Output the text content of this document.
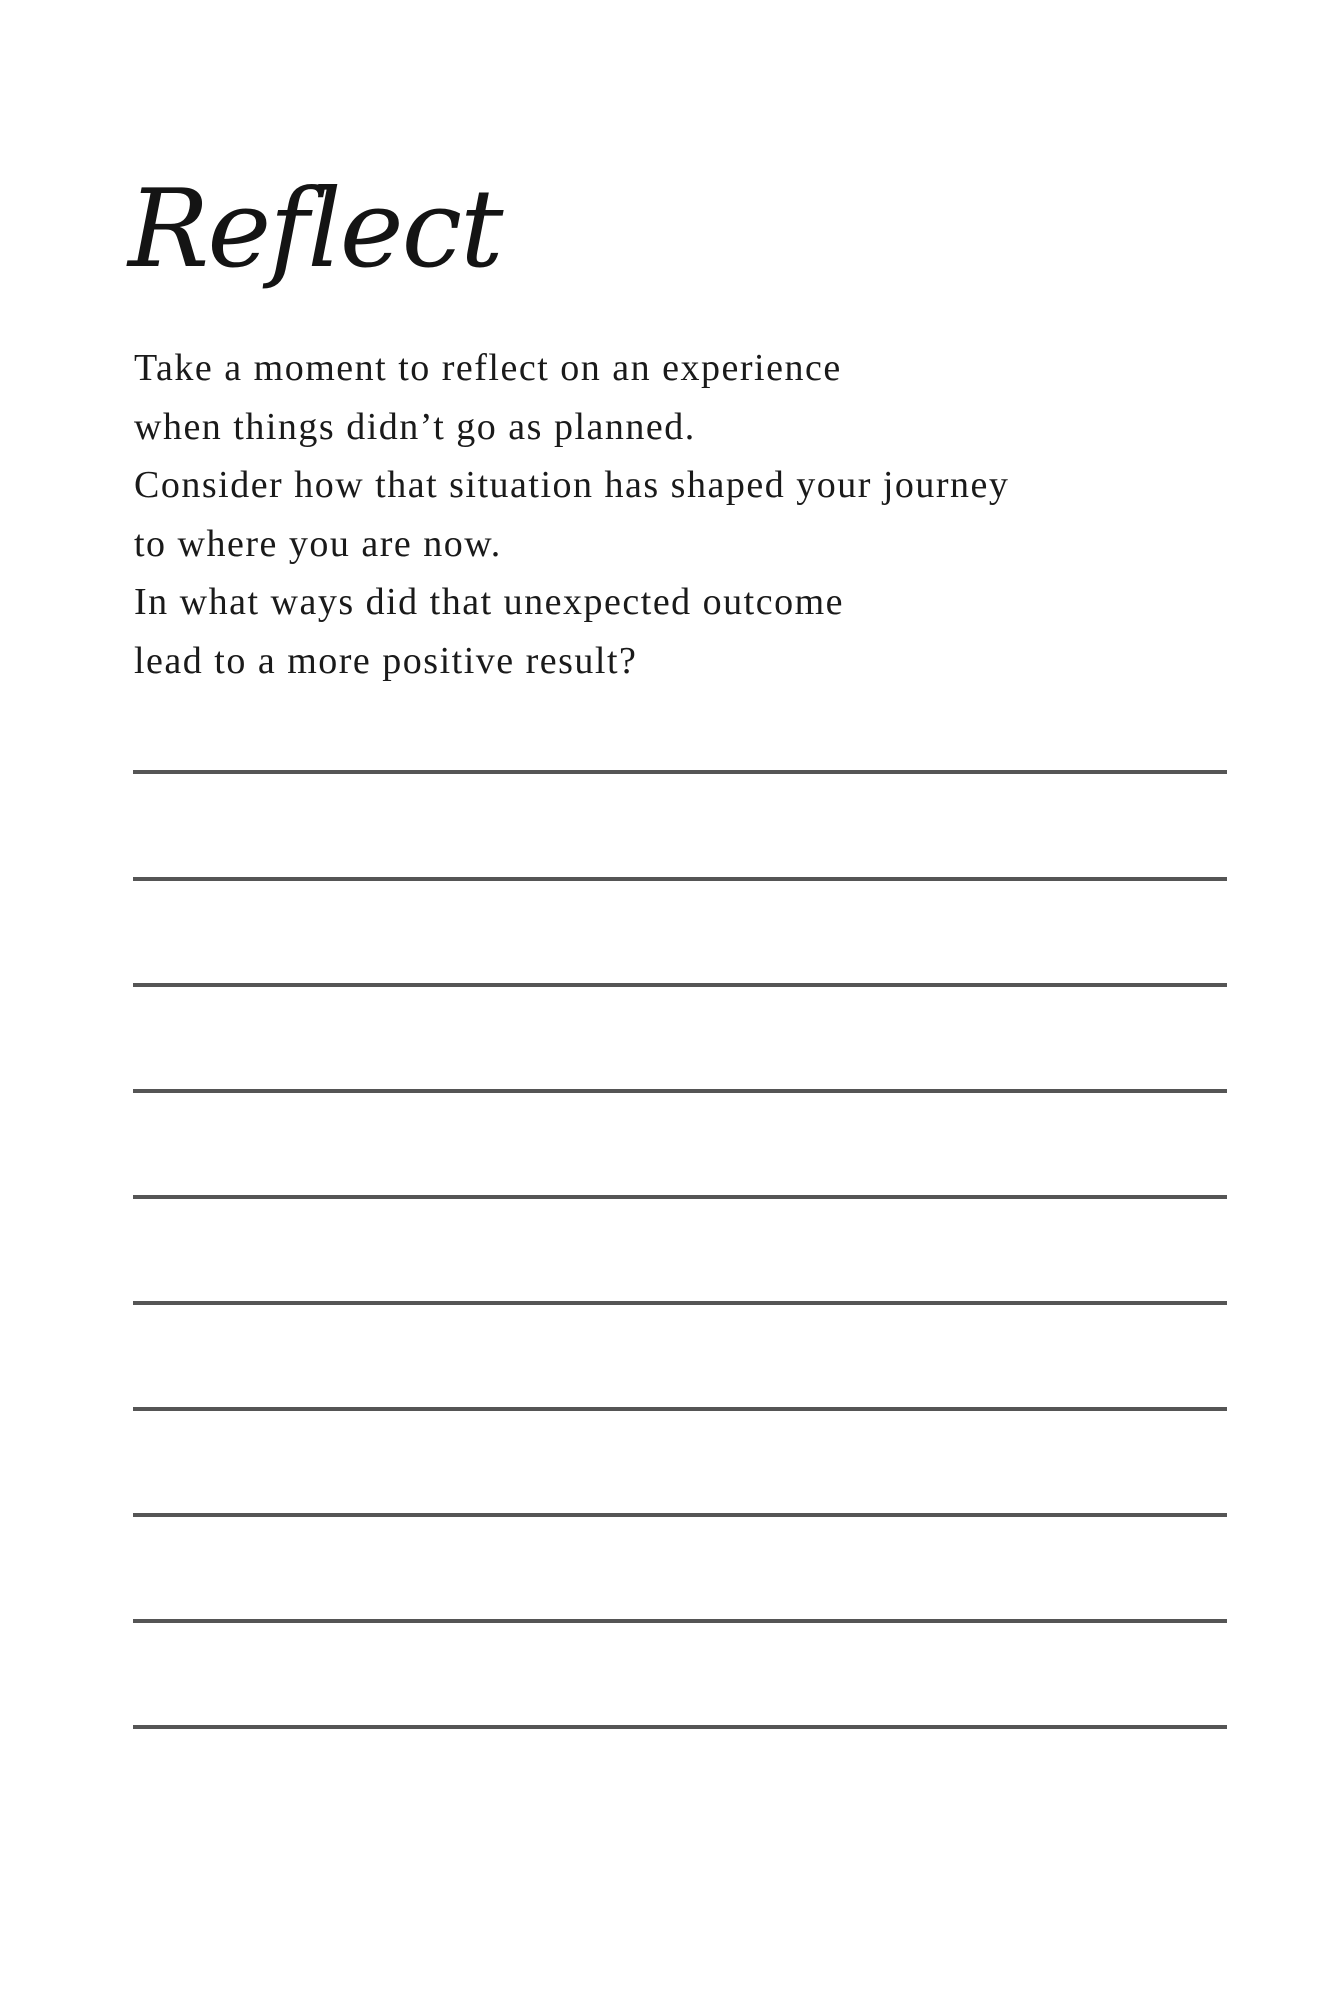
Reflect
Take a moment to reflect on an experience
when things didn’t go as planned.
Consider how that situation has shaped your journey
to where you are now.
In what ways did that unexpected outcome
lead to a more positive result?
